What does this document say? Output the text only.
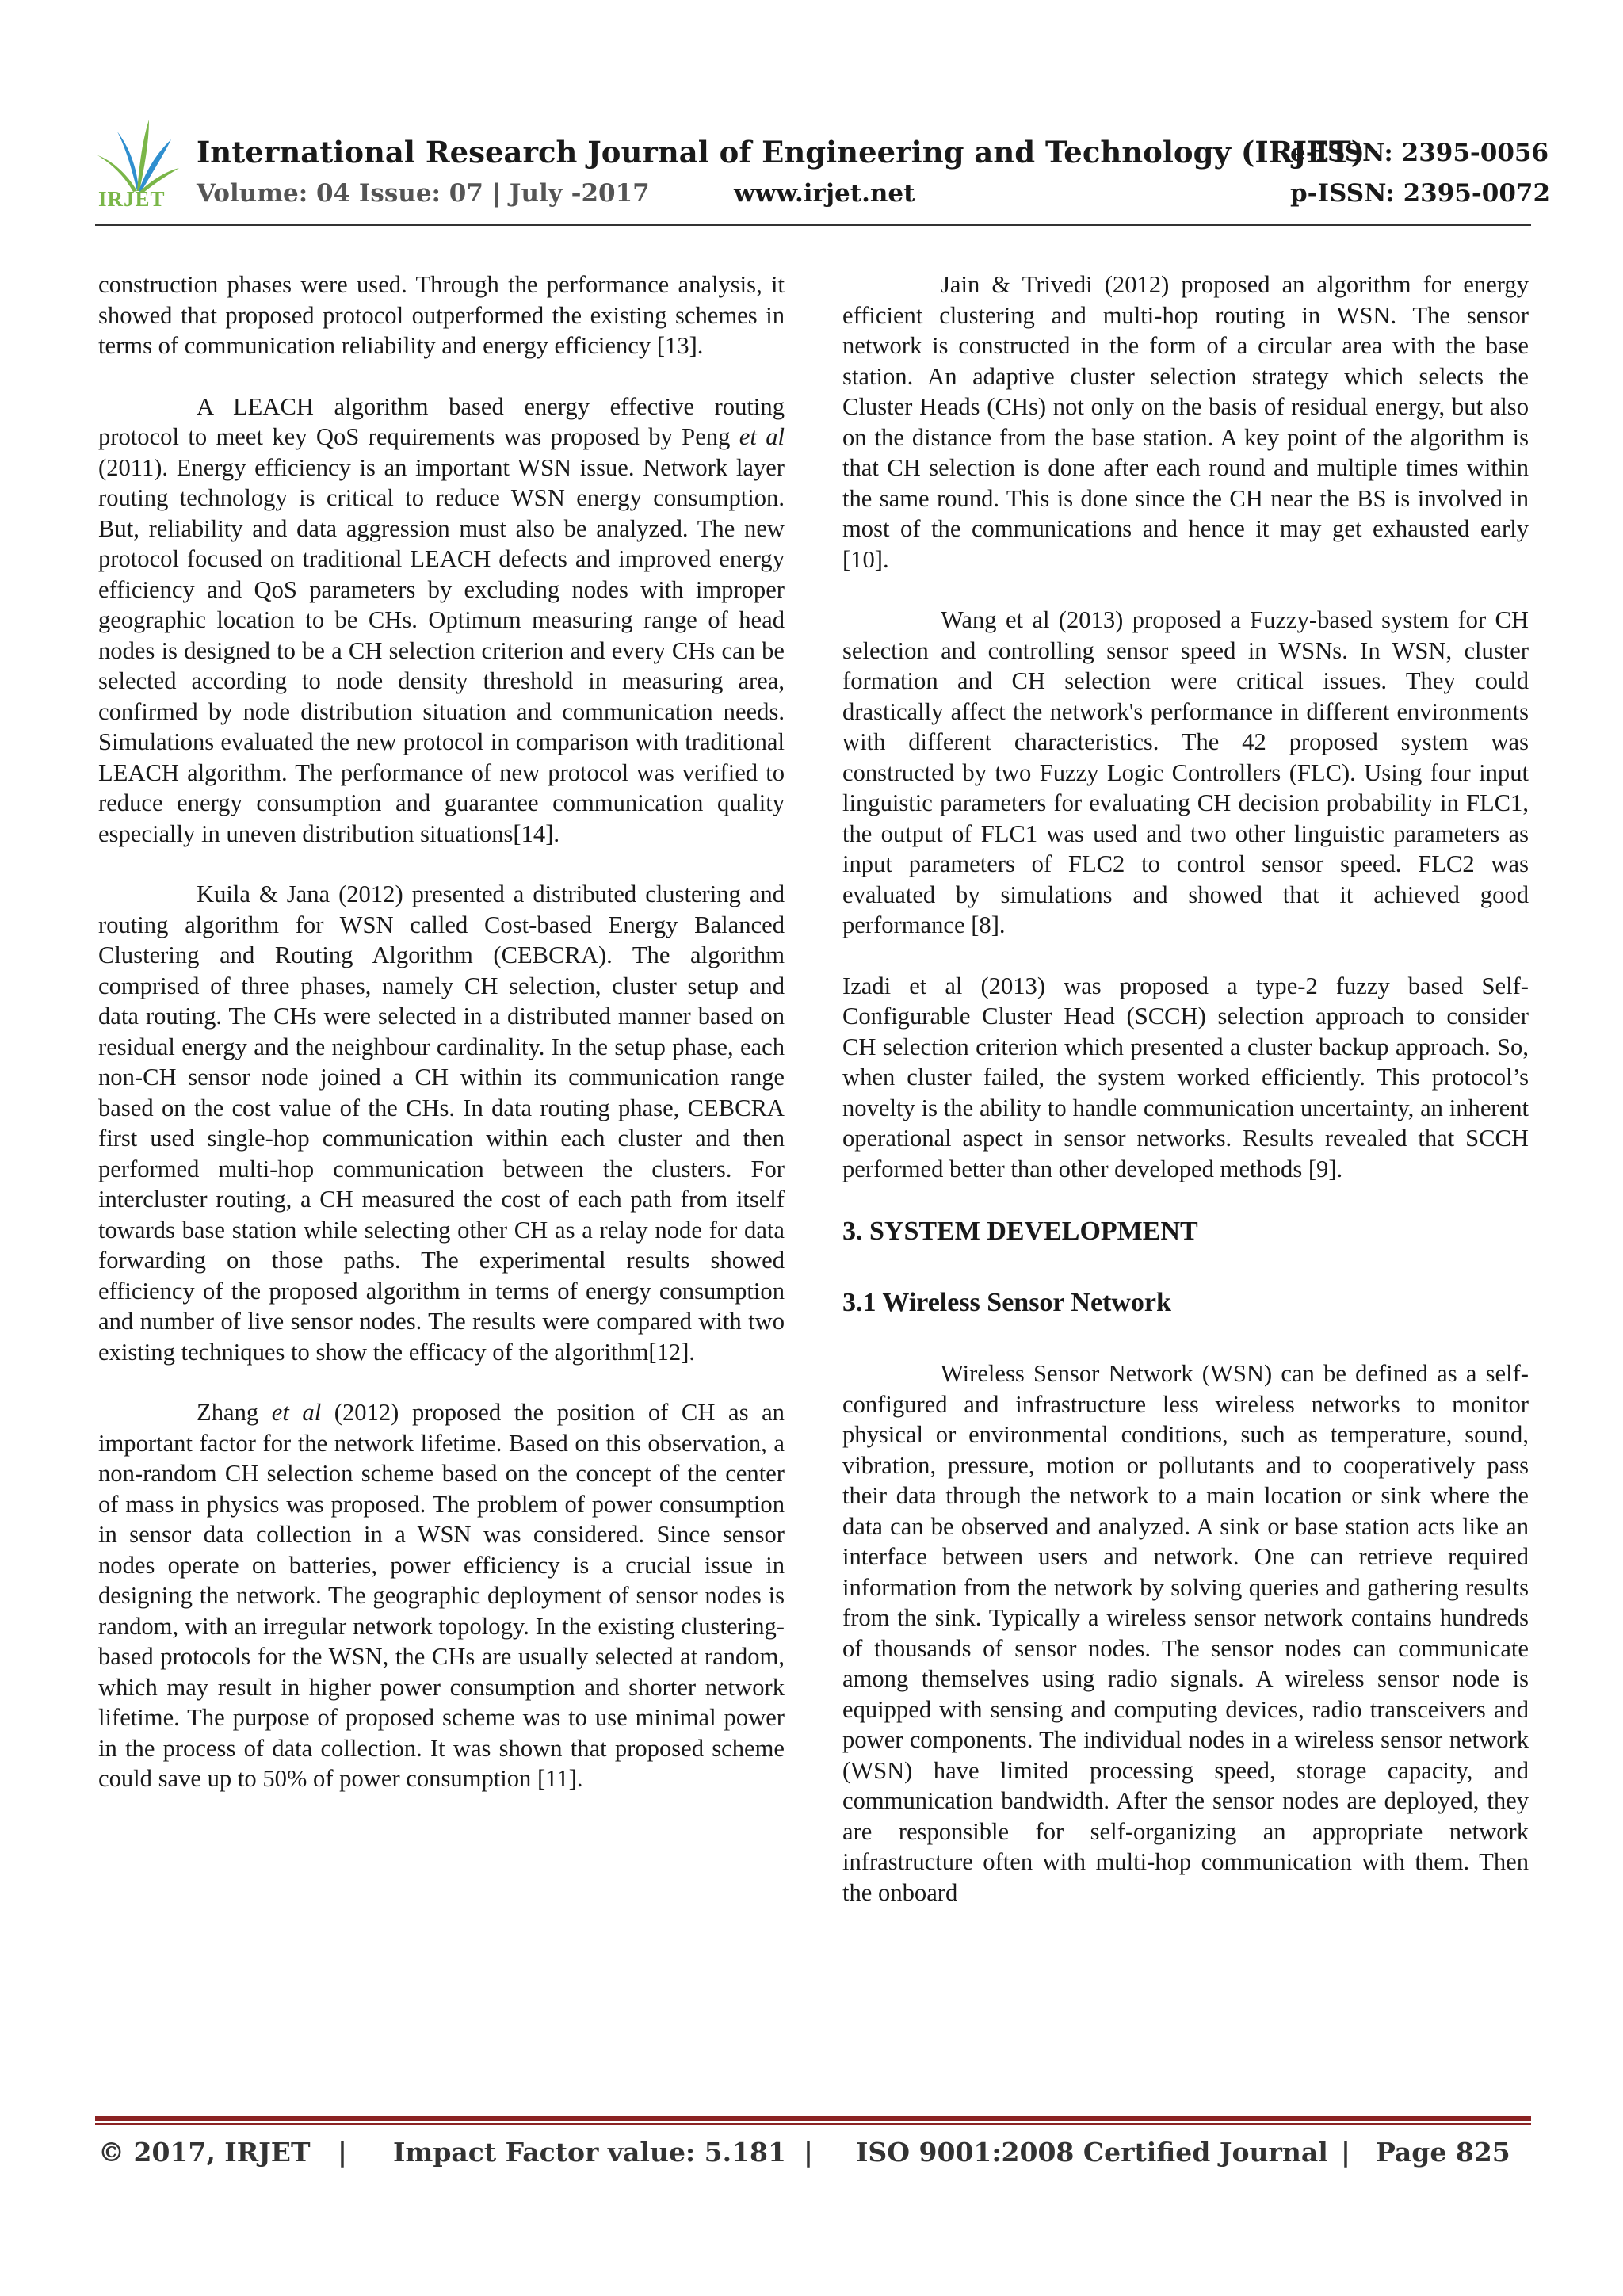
IRJET
International Research Journal of Engineering and Technology (IRJET)
e-ISSN: 2395-0056
Volume: 04 Issue: 07 | July -2017	www.irjet.net	p-ISSN: 2395-0072

construction phases were used. Through the performance analysis, it showed that proposed protocol outperformed the existing schemes in terms of communication reliability and energy efficiency [13].

A LEACH algorithm based energy effective routing protocol to meet key QoS requirements was proposed by Peng et al (2011). Energy efficiency is an important WSN issue. Network layer routing technology is critical to reduce WSN energy consumption. But, reliability and data aggression must also be analyzed. The new protocol focused on traditional LEACH defects and improved energy efficiency and QoS parameters by excluding nodes with improper geographic location to be CHs. Optimum measuring range of head nodes is designed to be a CH selection criterion and every CHs can be selected according to node density threshold in measuring area, confirmed by node distribution situation and communication needs. Simulations evaluated the new protocol in comparison with traditional LEACH algorithm. The performance of new protocol was verified to reduce energy consumption and guarantee communication quality especially in uneven distribution situations[14].

Kuila & Jana (2012) presented a distributed clustering and routing algorithm for WSN called Cost-based Energy Balanced Clustering and Routing Algorithm (CEBCRA). The algorithm comprised of three phases, namely CH selection, cluster setup and data routing. The CHs were selected in a distributed manner based on residual energy and the neighbour cardinality. In the setup phase, each non-CH sensor node joined a CH within its communication range based on the cost value of the CHs. In data routing phase, CEBCRA first used single-hop communication within each cluster and then performed multi-hop communication between the clusters. For intercluster routing, a CH measured the cost of each path from itself towards base station while selecting other CH as a relay node for data forwarding on those paths. The experimental results showed efficiency of the proposed algorithm in terms of energy consumption and number of live sensor nodes. The results were compared with two existing techniques to show the efficacy of the algorithm[12].

Zhang et al (2012) proposed the position of CH as an important factor for the network lifetime. Based on this observation, a non-random CH selection scheme based on the concept of the center of mass in physics was proposed. The problem of power consumption in sensor data collection in a WSN was considered. Since sensor nodes operate on batteries, power efficiency is a crucial issue in designing the network. The geographic deployment of sensor nodes is random, with an irregular network topology. In the existing clustering-based protocols for the WSN, the CHs are usually selected at random, which may result in higher power consumption and shorter network lifetime. The purpose of proposed scheme was to use minimal power in the process of data collection. It was shown that proposed scheme could save up to 50% of power consumption [11].

Jain & Trivedi (2012) proposed an algorithm for energy efficient clustering and multi-hop routing in WSN. The sensor network is constructed in the form of a circular area with the base station. An adaptive cluster selection strategy which selects the Cluster Heads (CHs) not only on the basis of residual energy, but also on the distance from the base station. A key point of the algorithm is that CH selection is done after each round and multiple times within the same round. This is done since the CH near the BS is involved in most of the communications and hence it may get exhausted early [10].

Wang et al (2013) proposed a Fuzzy-based system for CH selection and controlling sensor speed in WSNs. In WSN, cluster formation and CH selection were critical issues. They could drastically affect the network's performance in different environments with different characteristics. The 42 proposed system was constructed by two Fuzzy Logic Controllers (FLC). Using four input linguistic parameters for evaluating CH decision probability in FLC1, the output of FLC1 was used and two other linguistic parameters as input parameters of FLC2 to control sensor speed. FLC2 was evaluated by simulations and showed that it achieved good performance [8].

Izadi et al (2013) was proposed a type-2 fuzzy based Self-Configurable Cluster Head (SCCH) selection approach to consider CH selection criterion which presented a cluster backup approach. So, when cluster failed, the system worked efficiently. This protocol’s novelty is the ability to handle communication uncertainty, an inherent operational aspect in sensor networks. Results revealed that SCCH performed better than other developed methods [9].

3. SYSTEM DEVELOPMENT
3.1 Wireless Sensor Network

Wireless Sensor Network (WSN) can be defined as a self-configured and infrastructure less wireless networks to monitor physical or environmental conditions, such as temperature, sound, vibration, pressure, motion or pollutants and to cooperatively pass their data through the network to a main location or sink where the data can be observed and analyzed. A sink or base station acts like an interface between users and network. One can retrieve required information from the network by solving queries and gathering results from the sink. Typically a wireless sensor network contains hundreds of thousands of sensor nodes. The sensor nodes can communicate among themselves using radio signals. A wireless sensor node is equipped with sensing and computing devices, radio transceivers and power components. The individual nodes in a wireless sensor network (WSN) have limited processing speed, storage capacity, and communication bandwidth. After the sensor nodes are deployed, they are responsible for self-organizing an appropriate network infrastructure often with multi-hop communication with them. Then the onboard

© 2017, IRJET | Impact Factor value: 5.181 | ISO 9001:2008 Certified Journal | Page 825
